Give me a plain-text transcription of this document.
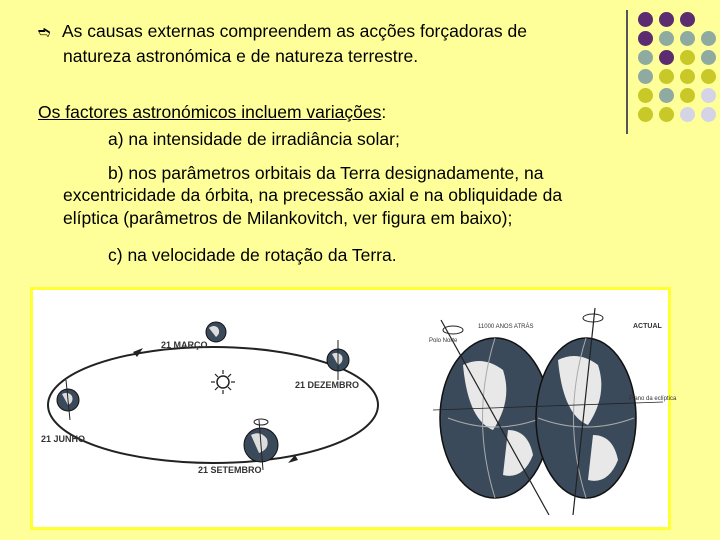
➬ As causas externas compreendem as acções forçadoras de
natureza astronómica e de natureza terrestre.
Os factores astronómicos incluem variações:
a) na intensidade de irradiância solar;
b) nos parâmetros orbitais da Terra designadamente, na
excentricidade da órbita, na precessão axial e na obliquidade da
elíptica (parâmetros de Milankovitch, ver figura em baixo);
c) na velocidade de rotação da Terra.
21 MARÇO
21 DEZEMBRO
21 JUNHO
21 SETEMBRO
11000 ANOS ATRÁS	ACTUAL
Polo Norte
Plano da eclíptica
